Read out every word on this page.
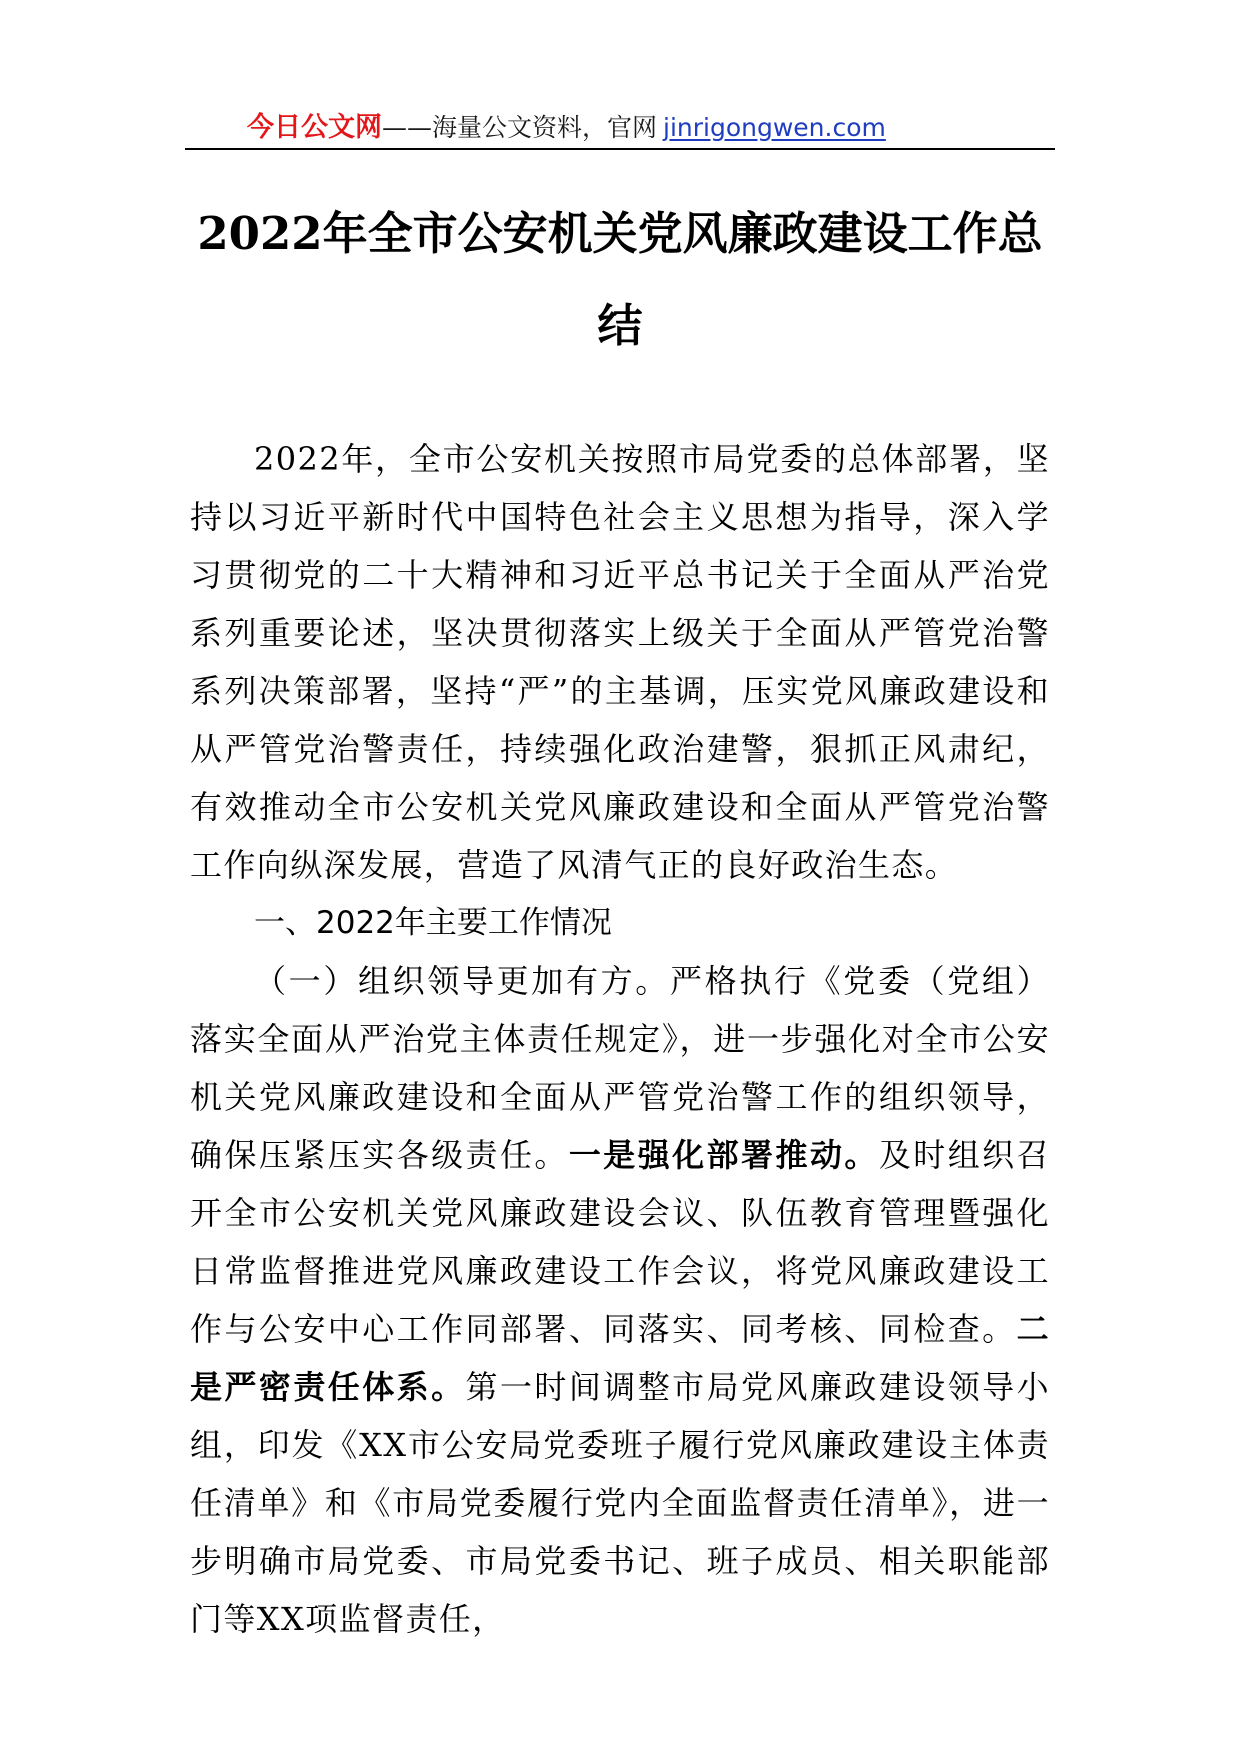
今日公文网——海量公文资料，官网 jinrigongwen.com
2022年全市公安机关党风廉政建设工作总结

2022年，全市公安机关按照市局党委的总体部署，坚持以习近平新时代中国特色社会主义思想为指导，深入学习贯彻党的二十大精神和习近平总书记关于全面从严治党系列重要论述，坚决贯彻落实上级关于全面从严管党治警系列决策部署，坚持“严”的主基调，压实党风廉政建设和从严管党治警责任，持续强化政治建警，狠抓正风肃纪，有效推动全市公安机关党风廉政建设和全面从严管党治警工作向纵深发展，营造了风清气正的良好政治生态。

一、2022年主要工作情况

（一）组织领导更加有方。严格执行《党委（党组）落实全面从严治党主体责任规定》，进一步强化对全市公安机关党风廉政建设和全面从严管党治警工作的组织领导，确保压紧压实各级责任。一是强化部署推动。及时组织召开全市公安机关党风廉政建设会议、队伍教育管理暨强化日常监督推进党风廉政建设工作会议，将党风廉政建设工作与公安中心工作同部署、同落实、同考核、同检查。二是严密责任体系。第一时间调整市局党风廉政建设领导小组，印发《XX市公安局党委班子履行党风廉政建设主体责任清单》和《市局党委履行党内全面监督责任清单》，进一步明确市局党委、市局党委书记、班子成员、相关职能部门等XX项监督责任，
